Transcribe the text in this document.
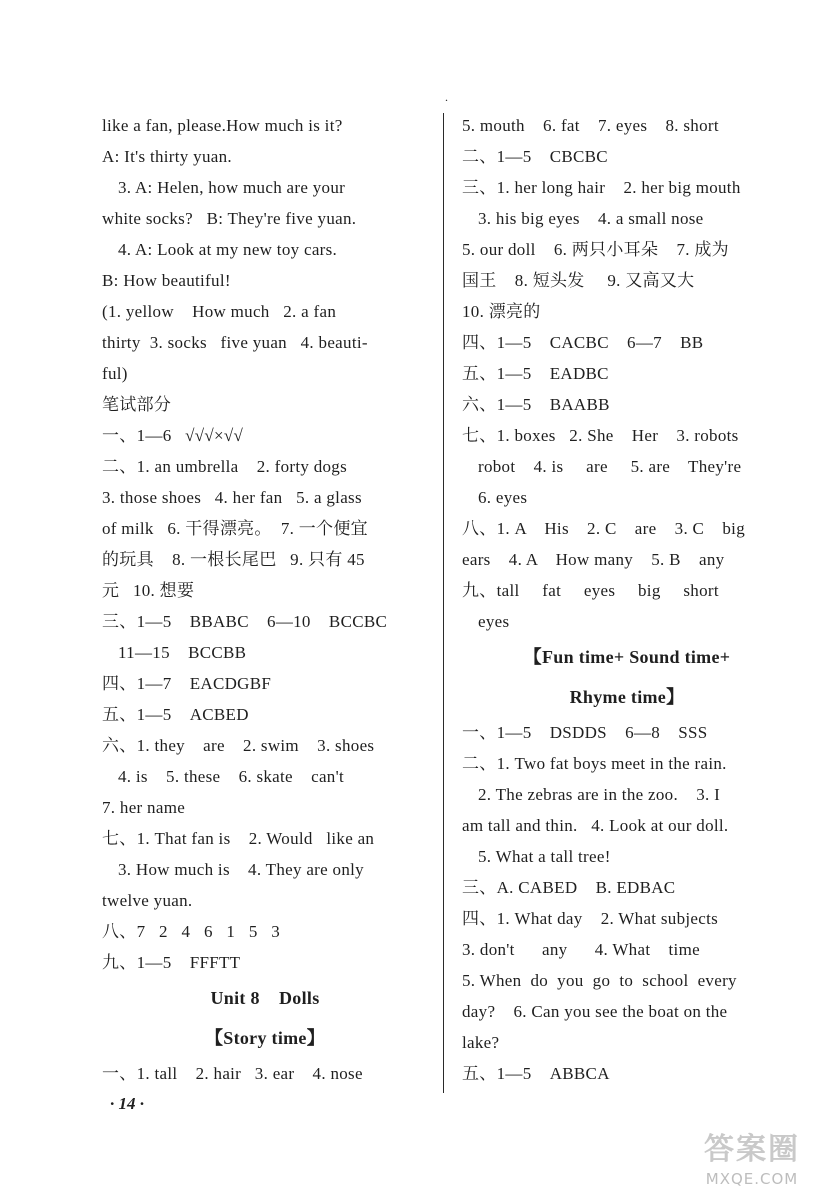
.
like a fan, please.How much is it?
A: It's thirty yuan.
3. A: Helen, how much are your
white socks?   B: They're five yuan.
4. A: Look at my new toy cars.
B: How beautiful!
(1. yellow    How much   2. a fan
thirty  3. socks   five yuan   4. beauti-
ful)
笔试部分
一、1—6   √√√×√√
二、1. an umbrella    2. forty dogs
3. those shoes   4. her fan   5. a glass
of milk   6. 干得漂亮。  7. 一个便宜
的玩具    8. 一根长尾巴   9. 只有 45
元   10. 想要
三、1—5    BBABC    6—10    BCCBC
11—15    BCCBB
四、1—7    EACDGBF
五、1—5    ACBED
六、1. they    are    2. swim    3. shoes
4. is    5. these    6. skate    can't
7. her name
七、1. That fan is    2. Would   like an
3. How much is    4. They are only
twelve yuan.
八、7   2   4   6   1   5   3
九、1—5    FFFTT
Unit 8    Dolls
【Story time】
一、1. tall    2. hair   3. ear    4. nose
5. mouth    6. fat    7. eyes    8. short
二、1—5    CBCBC
三、1. her long hair    2. her big mouth
3. his big eyes    4. a small nose
5. our doll    6. 两只小耳朵    7. 成为
国王    8. 短头发     9. 又高又大
10. 漂亮的
四、1—5    CACBC    6—7    BB
五、1—5    EADBC
六、1—5    BAABB
七、1. boxes   2. She    Her    3. robots
robot    4. is     are     5. are    They're
6. eyes
八、1. A    His    2. C    are    3. C    big
ears    4. A    How many    5. B    any
九、tall     fat     eyes     big     short
eyes
【Fun time+ Sound time+
Rhyme time】
一、1—5    DSDDS    6—8    SSS
二、1. Two fat boys meet in the rain.
2. The zebras are in the zoo.    3. I
am tall and thin.   4. Look at our doll.
5. What a tall tree!
三、A. CABED    B. EDBAC
四、1. What day    2. What subjects
3. don't      any      4. What    time
5. When  do  you  go  to  school  every
day?    6. Can you see the boat on the
lake?
五、1—5    ABBCA
· 14 ·
答案圈
MXQE.COM
